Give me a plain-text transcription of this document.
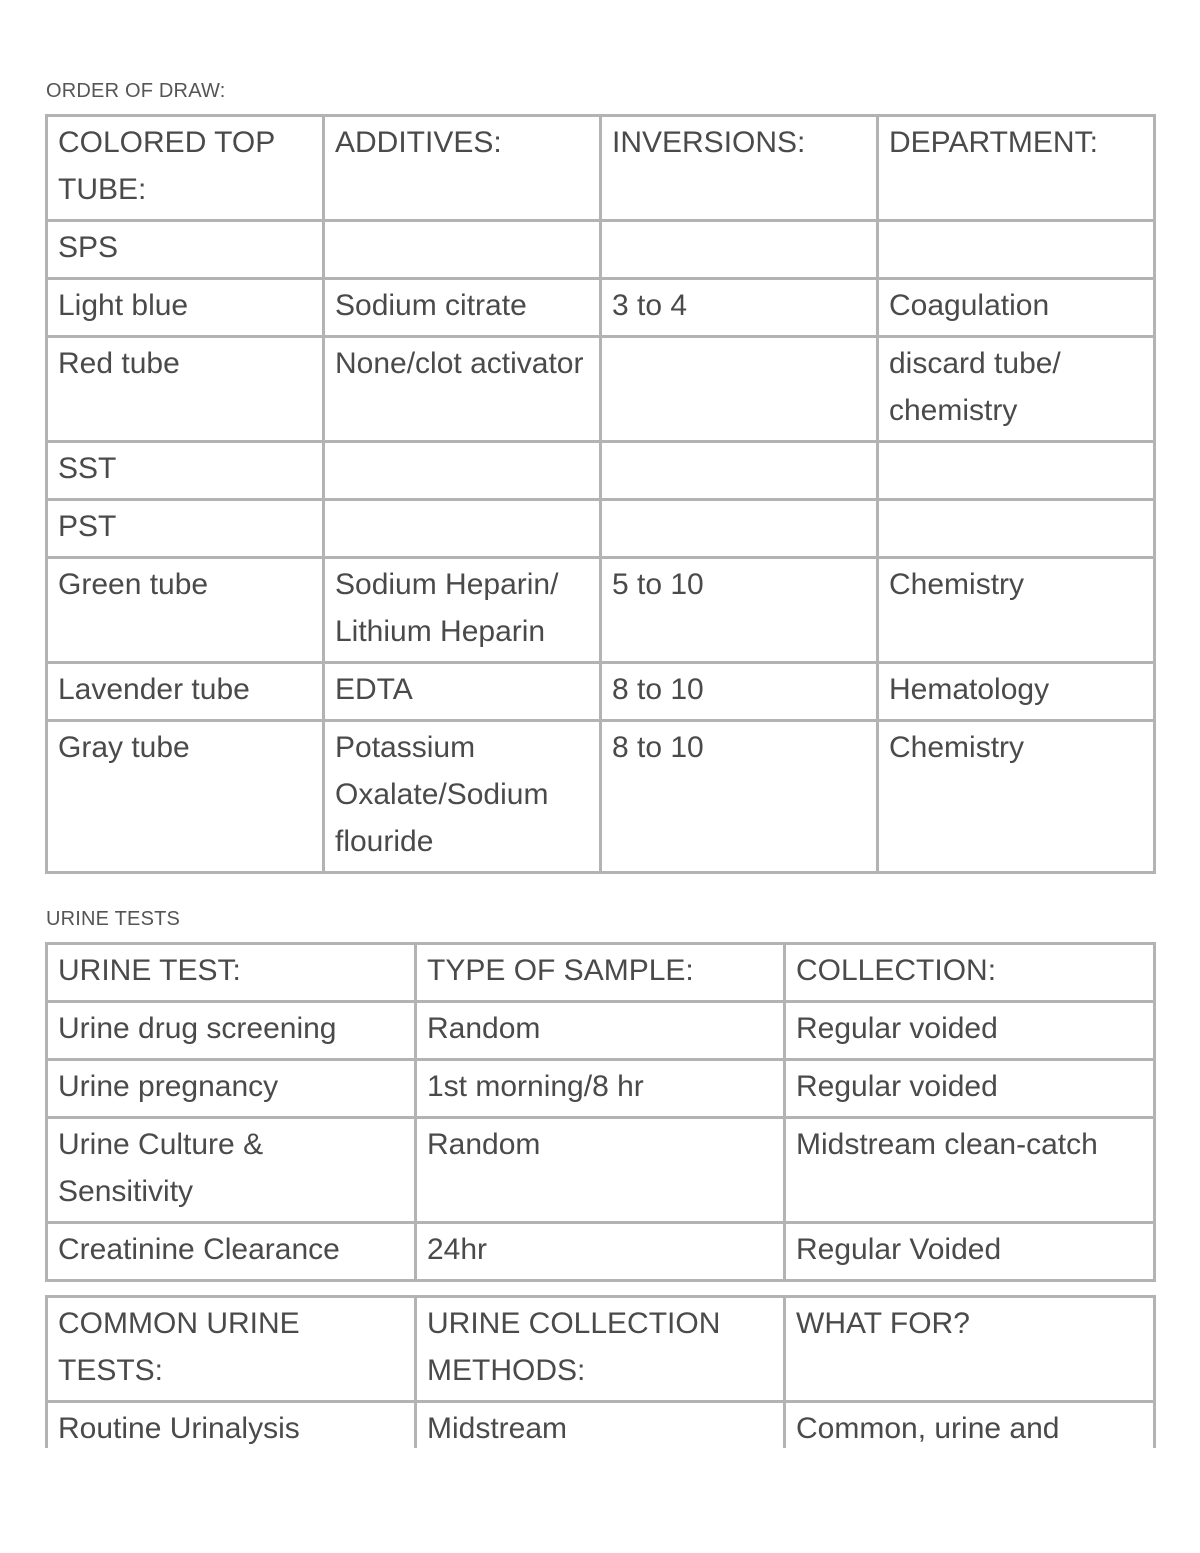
ORDER OF DRAW:
COLORED TOP TUBE:	ADDITIVES:	INVERSIONS:	DEPARTMENT:
SPS			
Light blue	Sodium citrate	3 to 4	Coagulation
Red tube	None/clot activator		discard tube/ chemistry
SST			
PST			
Green tube	Sodium Heparin/ Lithium Heparin	5 to 10	Chemistry
Lavender tube	EDTA	8 to 10	Hematology
Gray tube	Potassium Oxalate/Sodium flouride	8 to 10	Chemistry
URINE TESTS
URINE TEST:	TYPE OF SAMPLE:	COLLECTION:
Urine drug screening	Random	Regular voided
Urine pregnancy	1st morning/8 hr	Regular voided
Urine Culture & Sensitivity	Random	Midstream clean-catch
Creatinine Clearance	24hr	Regular Voided
COMMON URINE TESTS:	URINE COLLECTION METHODS:	WHAT FOR?
Routine Urinalysis	Midstream	Common, urine and
